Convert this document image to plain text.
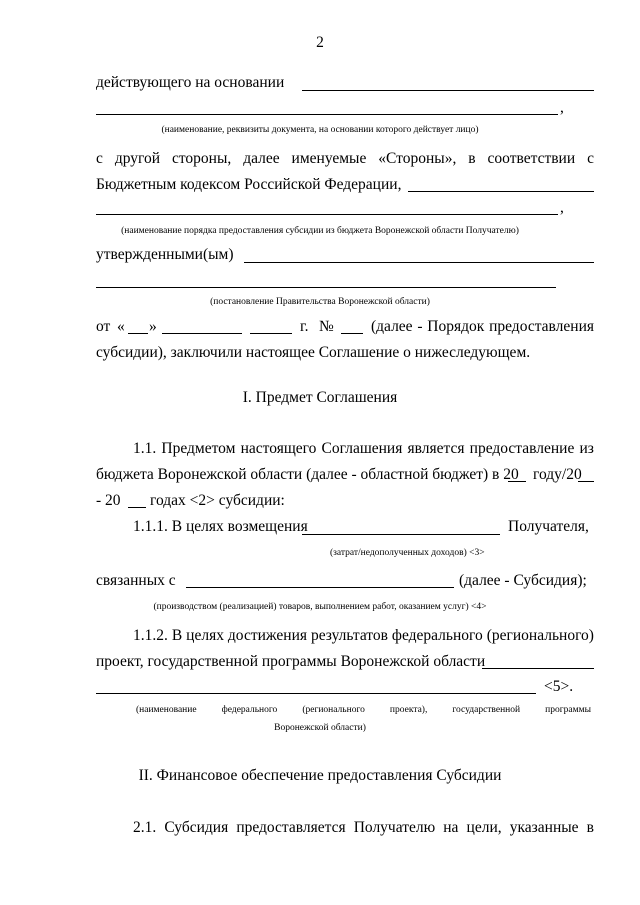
2
действующего на основании
,
(наименование, реквизиты документа, на основании которого действует лицо)
с другой стороны, далее именуемые «Стороны», в соответствии с
Бюджетным кодексом Российской Федерации,
,
(наименование порядка предоставления субсидии из бюджета Воронежской области Получателю)
утвержденными(ым)
(постановление Правительства Воронежской области)
от « »	г. № (далее - Порядок предоставления
субсидии), заключили настоящее Соглашение о нижеследующем.
I. Предмет Соглашения
1.1. Предметом настоящего Соглашения является предоставление из
бюджета Воронежской области (далее - областной бюджет) в 20 году/20
- 20 годах <2> субсидии:
1.1.1. В целях возмещения	Получателя,
(затрат/недополученных доходов) <3>
связанных с	(далее - Субсидия);
(производством (реализацией) товаров, выполнением работ, оказанием услуг) <4>
1.1.2. В целях достижения результатов федерального (регионального)
проект, государственной программы Воронежской области
<5>.
(наименование	федерального	(регионального	проекта),	государственной	программы
Воронежской области)
II. Финансовое обеспечение предоставления Субсидии
2.1. Субсидия предоставляется Получателю на цели, указанные в
